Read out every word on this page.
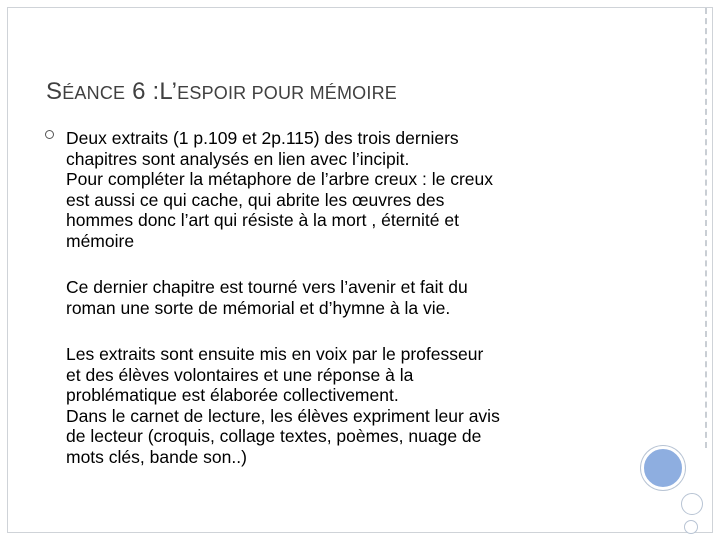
SÉANCE 6 :L’ESPOIR POUR MÉMOIRE

Deux extraits (1 p.109 et 2p.115) des trois derniers
chapitres sont analysés en lien avec l’incipit.
Pour compléter la métaphore de l’arbre creux : le creux
est aussi ce qui cache, qui abrite les œuvres des
hommes donc l’art qui résiste à la mort , éternité et
mémoire

Ce dernier chapitre est tourné vers l’avenir et fait du
roman une sorte de mémorial et d’hymne à la vie.

Les extraits sont ensuite mis en voix par le professeur
et des élèves volontaires et une réponse à la
problématique est élaborée collectivement.
Dans le carnet de lecture, les élèves expriment leur avis
de lecteur (croquis, collage textes, poèmes, nuage de
mots clés, bande son..)
